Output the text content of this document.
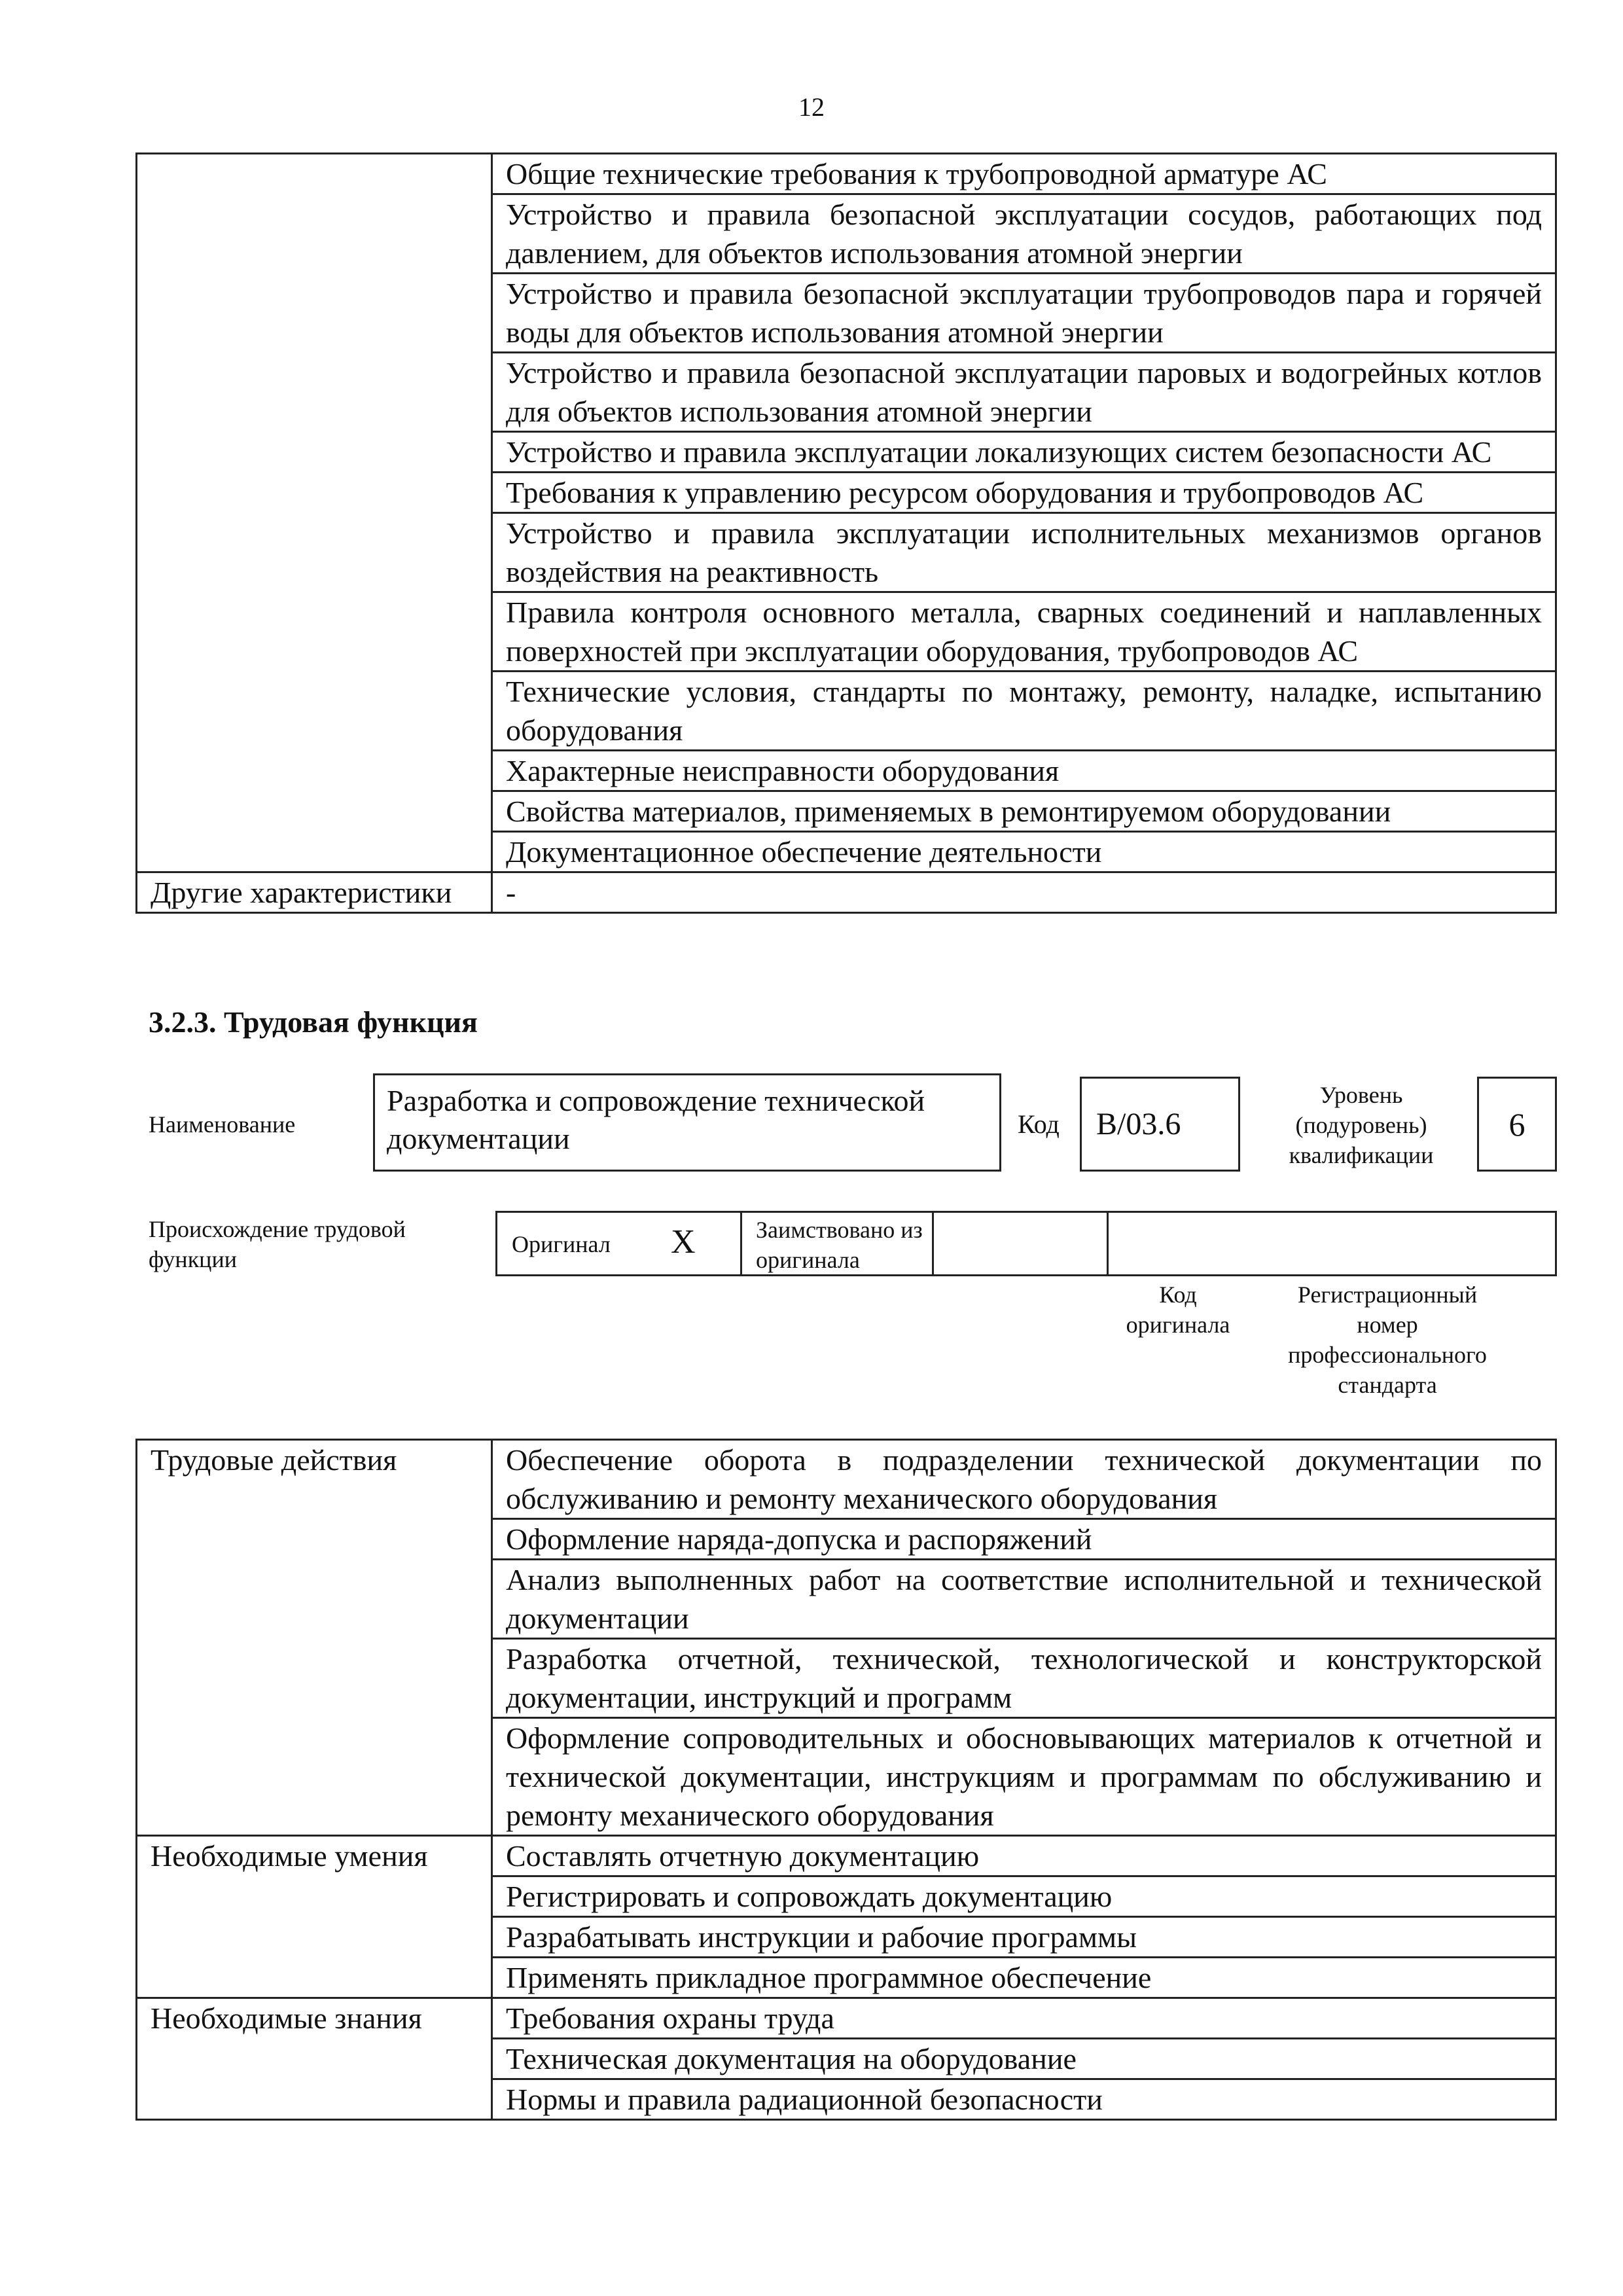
12
	Общие технические требования к трубопроводной арматуре АС
	Устройство и правила безопасной эксплуатации сосудов, работающих под давлением, для объектов использования атомной энергии
	Устройство и правила безопасной эксплуатации трубопроводов пара и горячей воды для объектов использования атомной энергии
	Устройство и правила безопасной эксплуатации паровых и водогрейных котлов для объектов использования атомной энергии
	Устройство и правила эксплуатации локализующих систем безопасности АС
	Требования к управлению ресурсом оборудования и трубопроводов АС
	Устройство и правила эксплуатации исполнительных механизмов органов воздействия на реактивность
	Правила контроля основного металла, сварных соединений и наплавленных поверхностей при эксплуатации оборудования, трубопроводов АС
	Технические условия, стандарты по монтажу, ремонту, наладке, испытанию оборудования
	Характерные неисправности оборудования
	Свойства материалов, применяемых в ремонтируемом оборудовании
	Документационное обеспечение деятельности
Другие характеристики	-
3.2.3. Трудовая функция
Наименование
Разработка и сопровождение технической документации	Код	B/03.6
Уровень
(подуровень)
квалификации
6
Происхождение трудовой
функции
Оригинал X	Заимствовано из
оригинала
Код
оригинала
Регистрационный
номер
профессионального
стандарта
Трудовые действия	Обеспечение оборота в подразделении технической документации по обслуживанию и ремонту механического оборудования
	Оформление наряда-допуска и распоряжений
	Анализ выполненных работ на соответствие исполнительной и технической документации
	Разработка отчетной, технической, технологической и конструкторской документации, инструкций и программ
	Оформление сопроводительных и обосновывающих материалов к отчетной и технической документации, инструкциям и программам по обслуживанию и ремонту механического оборудования
Необходимые умения	Составлять отчетную документацию
	Регистрировать и сопровождать документацию
	Разрабатывать инструкции и рабочие программы
	Применять прикладное программное обеспечение
Необходимые знания	Требования охраны труда
	Техническая документация на оборудование
	Нормы и правила радиационной безопасности
